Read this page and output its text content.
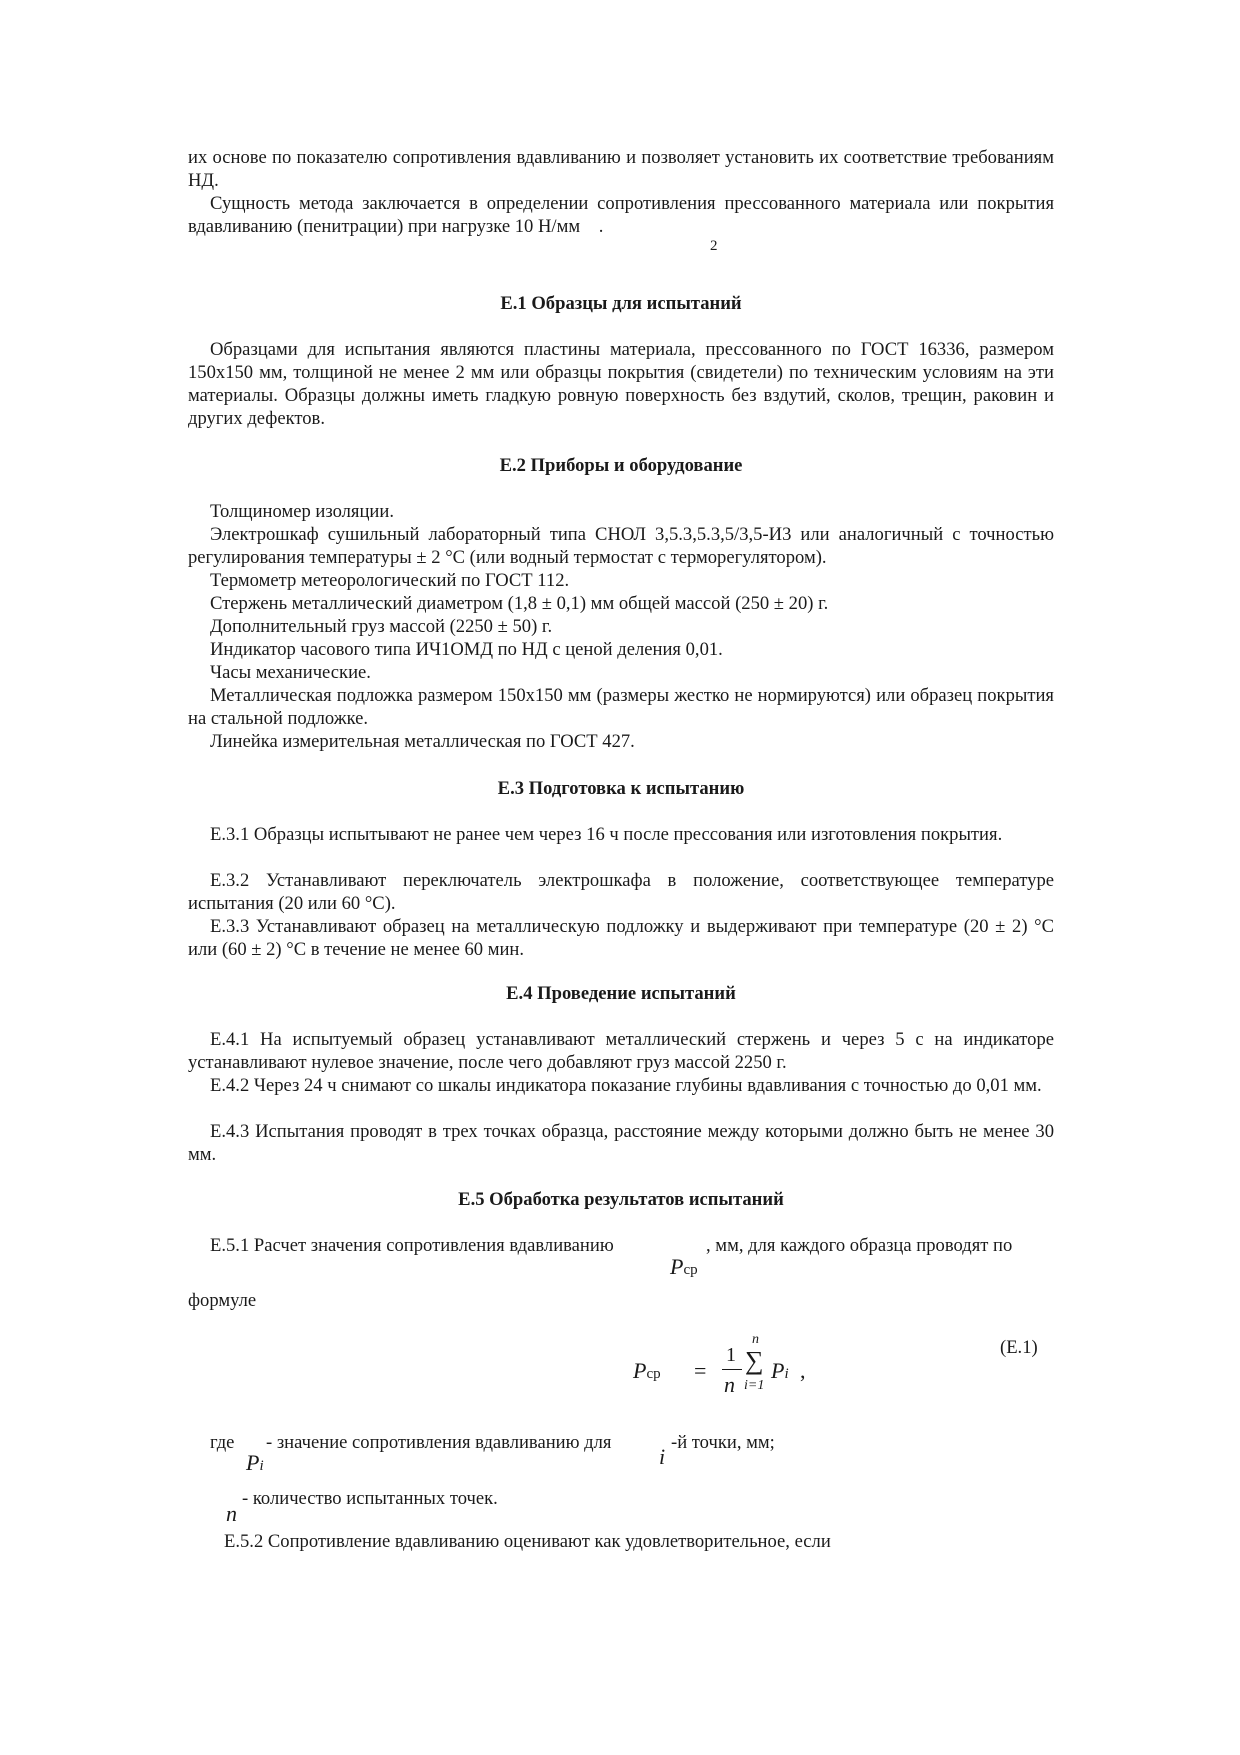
их основе по показателю сопротивления вдавливанию и позволяет установить их соответствие требованиям НД.

Сущность метода заключается в определении сопротивления прессованного материала или покрытия вдавливанию (пенитрации) при нагрузке 10 Н/мм  .

2
Е.1 Образцы для испытаний

Образцами для испытания являются пластины материала, прессованного по ГОСТ 16336, размером 150х150 мм, толщиной не менее 2 мм или образцы покрытия (свидетели) по техническим условиям на эти материалы. Образцы должны иметь гладкую ровную поверхность без вздутий, сколов, трещин, раковин и других дефектов.

Е.2 Приборы и оборудование
Толщиномер изоляции.

Электрошкаф сушильный лабораторный типа СНОЛ 3,5.3,5.3,5/3,5-И3 или аналогичный с точностью регулирования температуры ± 2 °С (или водный термостат с терморегулятором).

Термометр метеорологический по ГОСТ 112.
Стержень металлический диаметром (1,8 ± 0,1) мм общей массой (250 ± 20) г.
Дополнительный груз массой (2250 ± 50) г.
Индикатор часового типа ИЧ1ОМД по НД с ценой деления 0,01.
Часы механические.

Металлическая подложка размером 150х150 мм (размеры жестко не нормируются) или образец покрытия на стальной подложке.

Линейка измерительная металлическая по ГОСТ 427.
Е.3 Подготовка к испытанию

Е.3.1 Образцы испытывают не ранее чем через 16 ч после прессования или изготовления покрытия.

Е.3.2 Устанавливают переключатель электрошкафа в положение, соответствующее температуре испытания (20 или 60 °С).

Е.3.3 Устанавливают образец на металлическую подложку и выдерживают при температуре (20 ± 2) °С или (60 ± 2) °С в течение не менее 60 мин.

Е.4 Проведение испытаний

Е.4.1 На испытуемый образец устанавливают металлический стержень и через 5 с на индикаторе устанавливают нулевое значение, после чего добавляют груз массой 2250 г.

Е.4.2 Через 24 ч снимают со шкалы индикатора показание глубины вдавливания с точностью до 0,01 мм.

Е.4.3 Испытания проводят в трех точках образца, расстояние между которыми должно быть не менее 30 мм.

Е.5 Обработка результатов испытаний
Е.5.1 Расчет значения сопротивления вдавливанию	, мм, для каждого образца проводят по
Pср
формуле
(Е.1)
Pср =
1
n
n
∑
i=1
Pi ,
где - значение сопротивления вдавливанию для
i
-й точки, мм;
Pi
- количество испытанных точек.
n
Е.5.2 Сопротивление вдавливанию оценивают как удовлетворительное, если
